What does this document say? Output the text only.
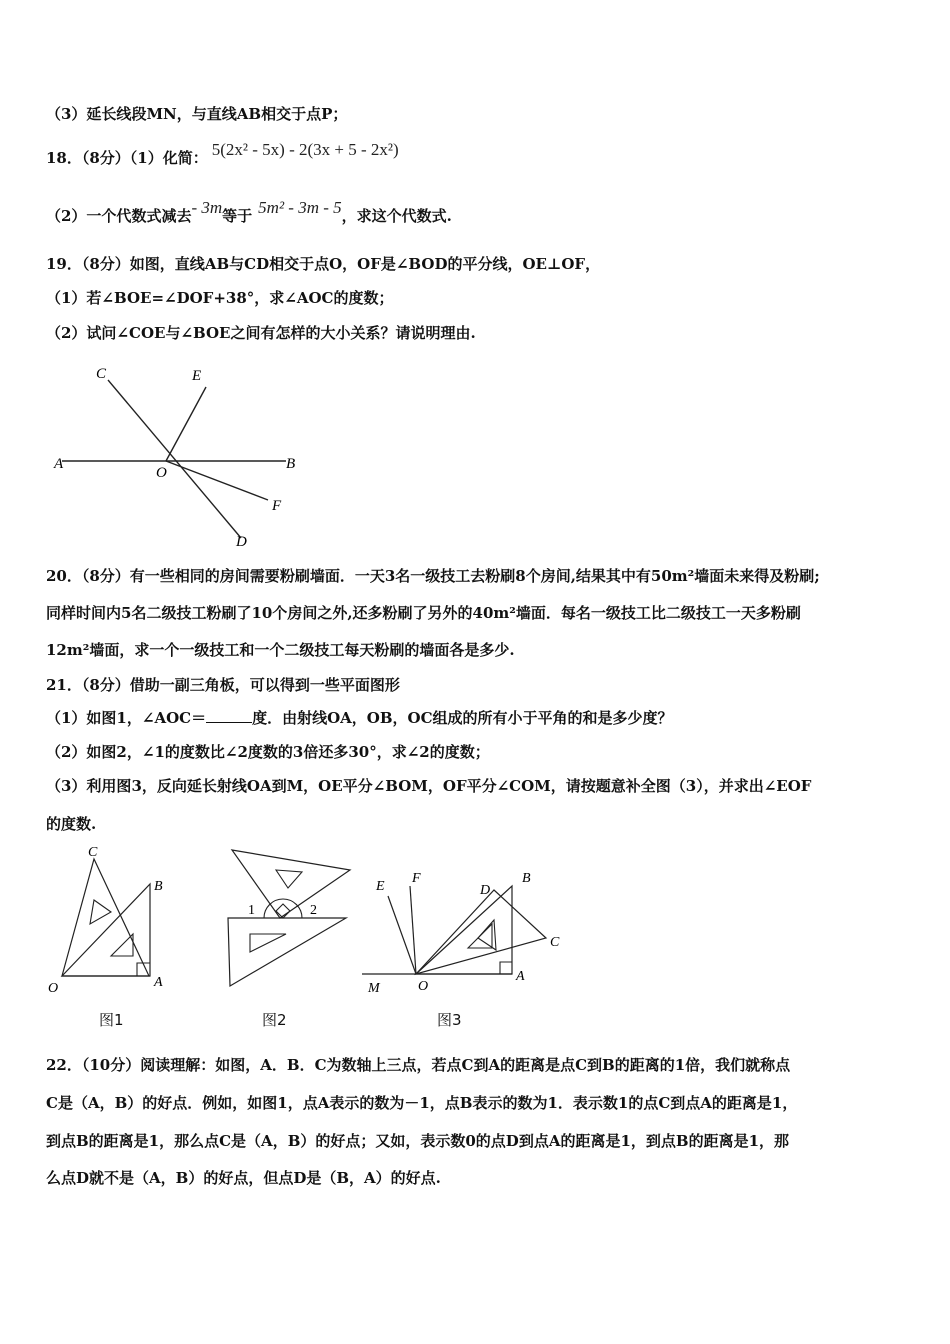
（3）延长线段MN，与直线AB相交于点P；
18．（8分）（1）化简： 5(2x² - 5x) - 2(3x + 5 - 2x²)
（2）一个代数式减去- 3m等于 5m² - 3m - 5，求这个代数式.
19．（8分）如图，直线AB与CD相交于点O，OF是∠BOD的平分线，OE⊥OF，
（1）若∠BOE=∠DOF+38°，求∠AOC的度数；
（2）试问∠COE与∠BOE之间有怎样的大小关系？请说明理由.
C	E
A
O
B
F
D
20．（8分）有一些相同的房间需要粉刷墙面．一天3名一级技工去粉刷8个房间,结果其中有50m²墙面未来得及粉刷;
同样时间内5名二级技工粉刷了10个房间之外,还多粉刷了另外的40m²墙面．每名一级技工比二级技工一天多粉刷
12m²墙面，求一个一级技工和一个二级技工每天粉刷的墙面各是多少.
21．（8分）借助一副三角板，可以得到一些平面图形
（1）如图1，∠AOC＝	度．由射线OA，OB，OC组成的所有小于平角的和是多少度？
（2）如图2，∠1的度数比∠2度数的3倍还多30°，求∠2的度数；
（3）利用图3，反向延长射线OA到M，OE平分∠BOM，OF平分∠COM，请按题意补全图（3），并求出∠EOF
的度数.
C
B
O	A
图1
1	2
图2
E
F
D
B
C
M	O
A
图3
22．（10分）阅读理解：如图，A．B．C为数轴上三点，若点C到A的距离是点C到B的距离的1倍，我们就称点
C是（A，B）的好点．例如，如图1，点A表示的数为－1，点B表示的数为1．表示数1的点C到点A的距离是1，
到点B的距离是1，那么点C是（A，B）的好点；又如，表示数0的点D到点A的距离是1，到点B的距离是1，那
么点D就不是（A，B）的好点，但点D是（B，A）的好点.
